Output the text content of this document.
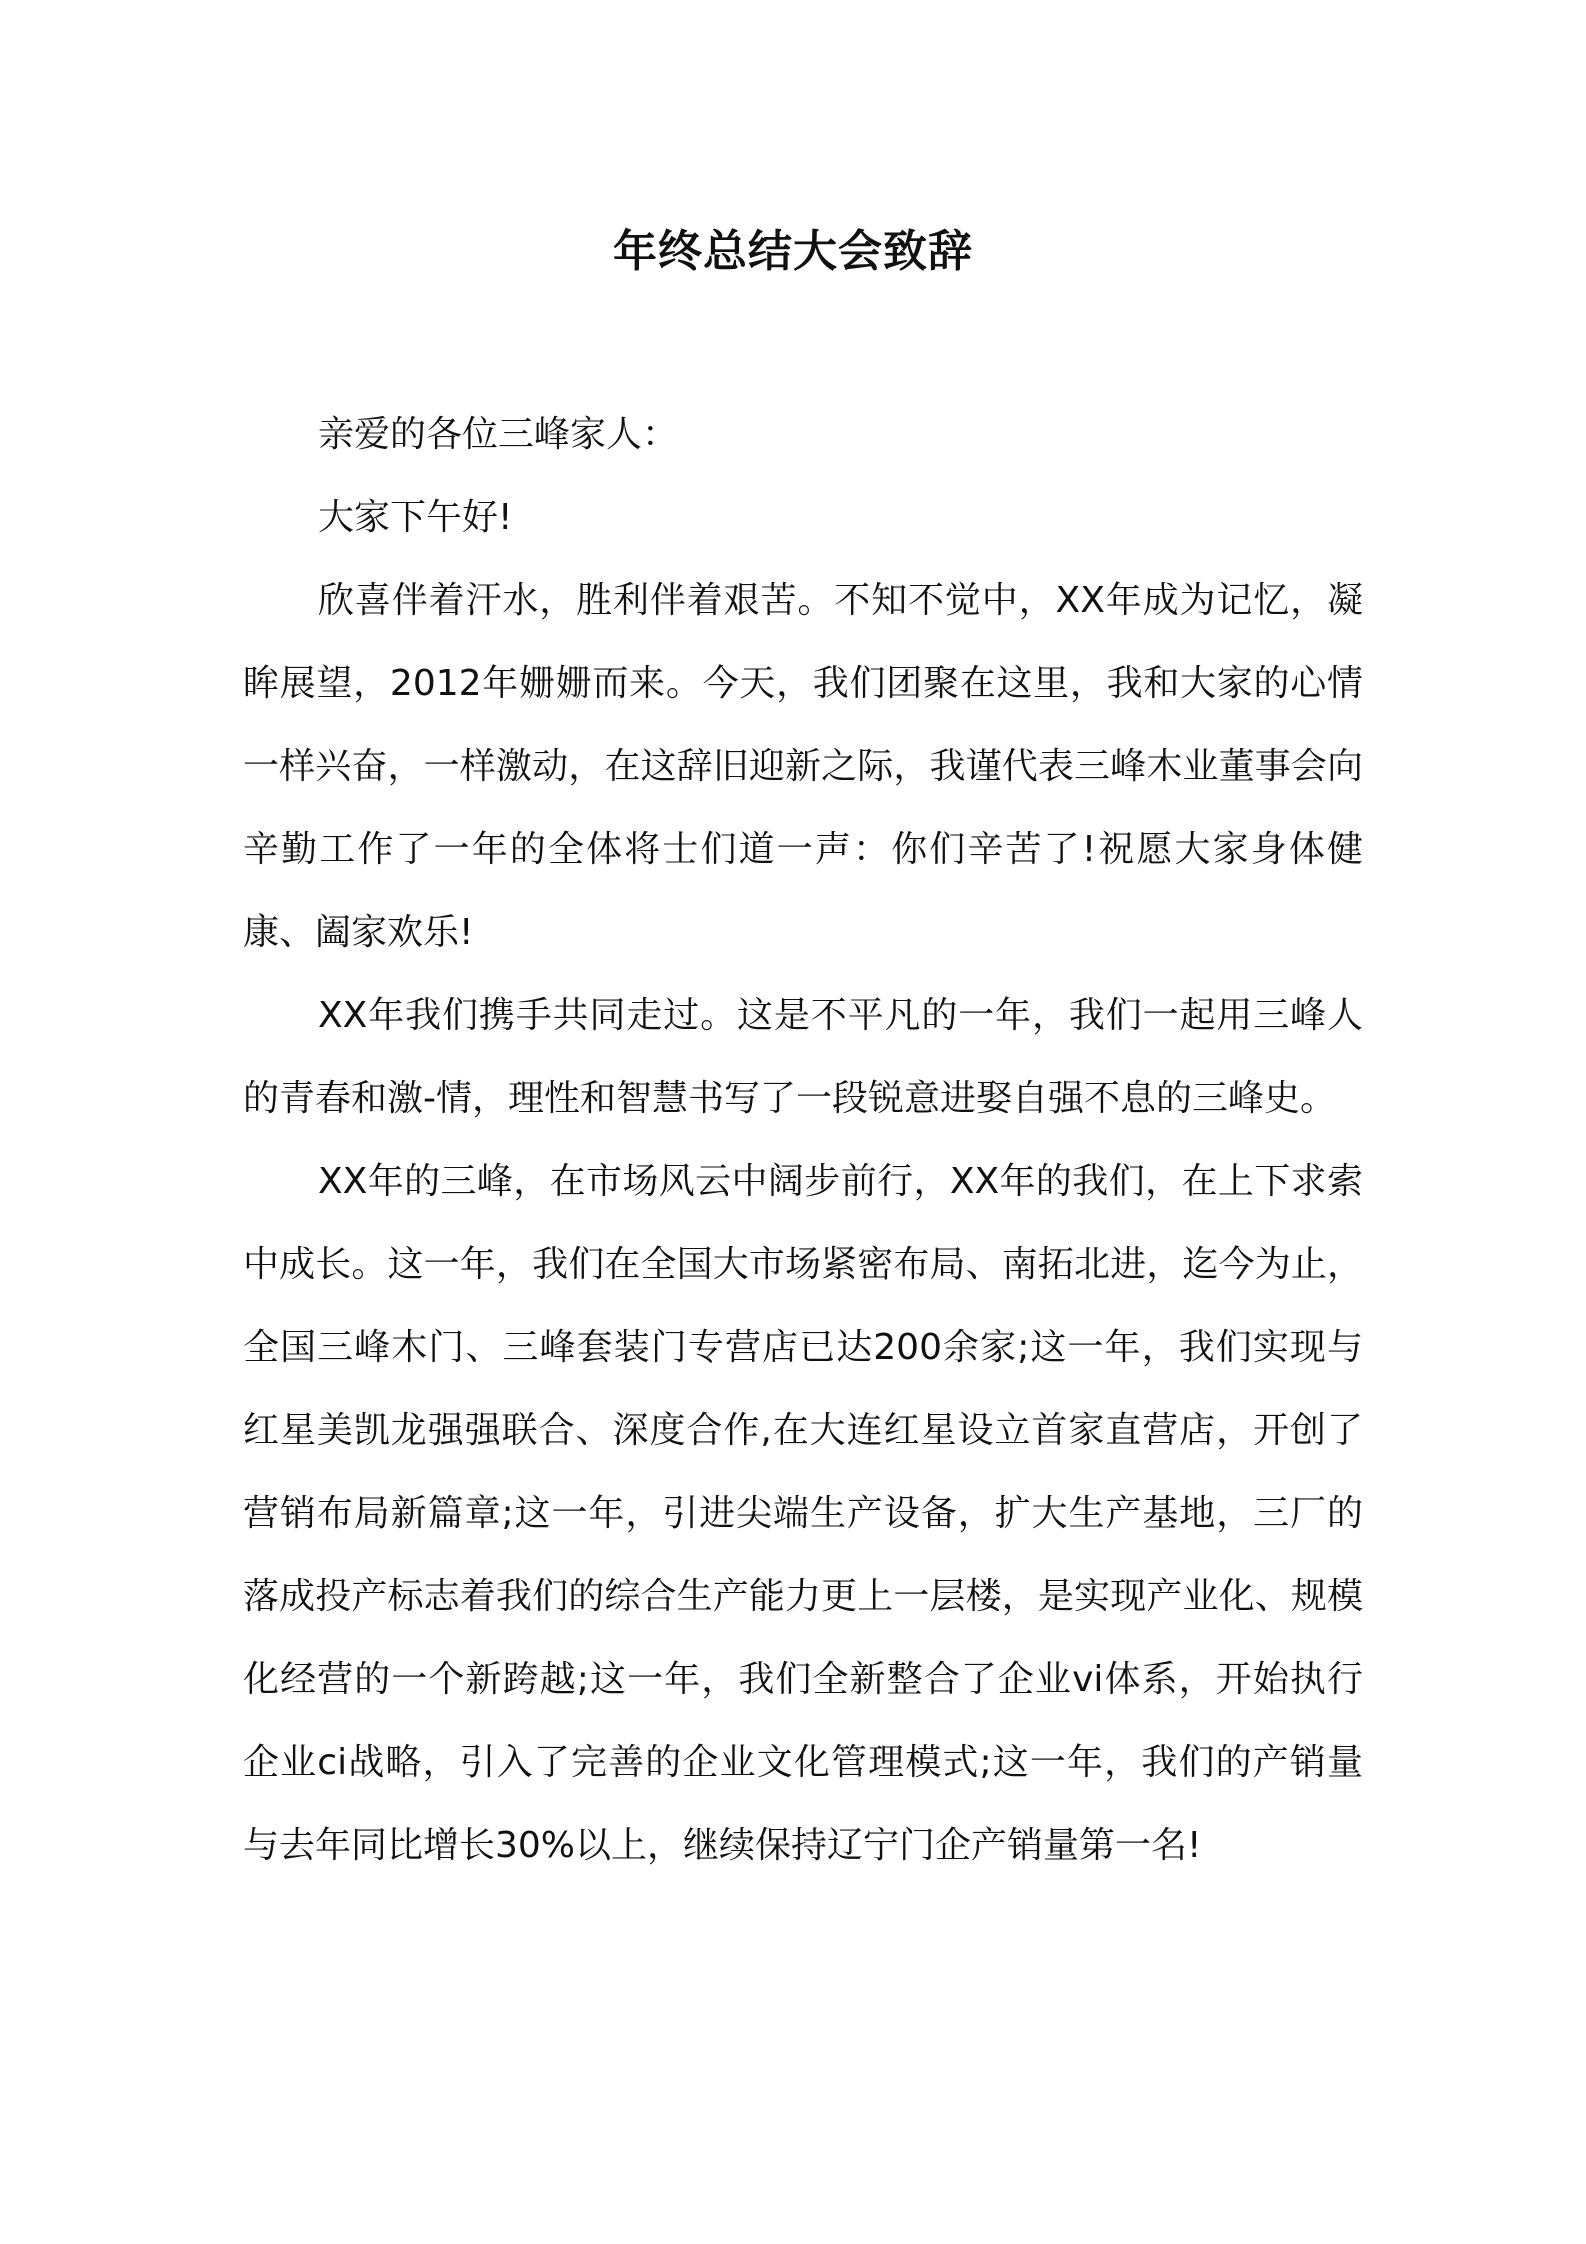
年终总结大会致辞

亲爱的各位三峰家人：

大家下午好!

欣喜伴着汗水，胜利伴着艰苦。不知不觉中，XX年成为记忆，凝眸展望，2012年姗姗而来。今天，我们团聚在这里，我和大家的心情一样兴奋，一样激动，在这辞旧迎新之际，我谨代表三峰木业董事会向辛勤工作了一年的全体将士们道一声：你们辛苦了!祝愿大家身体健康、阖家欢乐!

XX年我们携手共同走过。这是不平凡的一年，我们一起用三峰人的青春和激-情，理性和智慧书写了一段锐意进娶自强不息的三峰史。

XX年的三峰，在市场风云中阔步前行，XX年的我们，在上下求索中成长。这一年，我们在全国大市场紧密布局、南拓北进，迄今为止，全国三峰木门、三峰套装门专营店已达200余家;这一年，我们实现与红星美凯龙强强联合、深度合作,在大连红星设立首家直营店，开创了营销布局新篇章;这一年，引进尖端生产设备，扩大生产基地，三厂的落成投产标志着我们的综合生产能力更上一层楼，是实现产业化、规模化经营的一个新跨越;这一年，我们全新整合了企业vi体系，开始执行企业ci战略，引入了完善的企业文化管理模式;这一年，我们的产销量与去年同比增长30%以上，继续保持辽宁门企产销量第一名!
